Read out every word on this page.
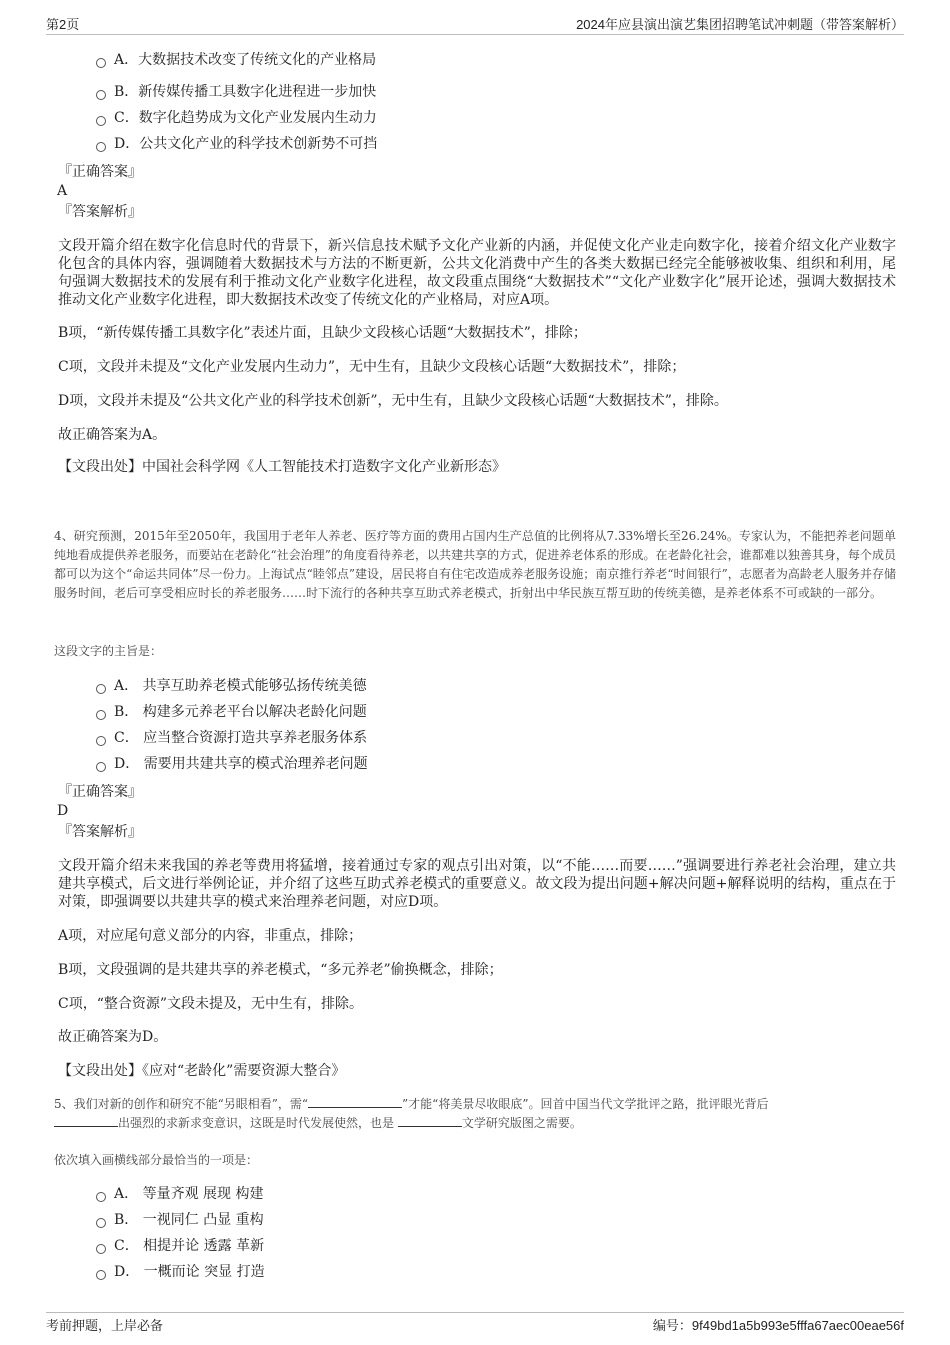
第2页	2024年应县演出演艺集团招聘笔试冲刺题（带答案解析）
A．大数据技术改变了传统文化的产业格局
B．新传媒传播工具数字化进程进一步加快
C．数字化趋势成为文化产业发展内生动力
D．公共文化产业的科学技术创新势不可挡
『正确答案』
A
『答案解析』

文段开篇介绍在数字化信息时代的背景下，新兴信息技术赋予文化产业新的内涵，并促使文化产业走向数字化，接着介绍文化产业数字化包含的具体内容，强调随着大数据技术与方法的不断更新，公共文化消费中产生的各类大数据已经完全能够被收集、组织和利用，尾句强调大数据技术的发展有利于推动文化产业数字化进程，故文段重点围绕“大数据技术”“文化产业数字化”展开论述，强调大数据技术推动文化产业数字化进程，即大数据技术改变了传统文化的产业格局，对应A项。

B项，“新传媒传播工具数字化”表述片面，且缺少文段核心话题“大数据技术”，排除；
C项，文段并未提及“文化产业发展内生动力”，无中生有，且缺少文段核心话题“大数据技术”，排除；
D项，文段并未提及“公共文化产业的科学技术创新”，无中生有，且缺少文段核心话题“大数据技术”，排除。
故正确答案为A。
【文段出处】中国社会科学网《人工智能技术打造数字文化产业新形态》

4、研究预测，2015年至2050年，我国用于老年人养老、医疗等方面的费用占国内生产总值的比例将从7.33%增长至26.24%。专家认为，不能把养老问题单纯地看成提供养老服务，而要站在老龄化“社会治理”的角度看待养老，以共建共享的方式，促进养老体系的形成。在老龄化社会，谁都难以独善其身，每个成员都可以为这个“命运共同体”尽一份力。上海试点“睦邻点”建设，居民将自有住宅改造成养老服务设施；南京推行养老“时间银行”，志愿者为高龄老人服务并存储服务时间，老后可享受相应时长的养老服务……时下流行的各种共享互助式养老模式，折射出中华民族互帮互助的传统美德，是养老体系不可或缺的一部分。

这段文字的主旨是：
A． 共享互助养老模式能够弘扬传统美德
B． 构建多元养老平台以解决老龄化问题
C． 应当整合资源打造共享养老服务体系
D． 需要用共建共享的模式治理养老问题
『正确答案』
D
『答案解析』

文段开篇介绍未来我国的养老等费用将猛增，接着通过专家的观点引出对策，以“不能……而要……”强调要进行养老社会治理，建立共建共享模式，后文进行举例论证，并介绍了这些互助式养老模式的重要意义。故文段为提出问题+解决问题+解释说明的结构，重点在于对策，即强调要以共建共享的模式来治理养老问题，对应D项。

A项，对应尾句意义部分的内容，非重点，排除；
B项，文段强调的是共建共享的养老模式，“多元养老”偷换概念，排除；
C项，“整合资源”文段未提及，无中生有，排除。
故正确答案为D。
【文段出处】《应对“老龄化”需要资源大整合》

5、我们对新的创作和研究不能“另眼相看”，需“	”才能“将美景尽收眼底”。回首中国当代文学批评之路，批评眼光背后
出强烈的求新求变意识，这既是时代发展使然，也是	文学研究版图之需要。

依次填入画横线部分最恰当的一项是：
A． 等量齐观 展现 构建
B． 一视同仁 凸显 重构
C． 相提并论 透露 革新
D． 一概而论 突显 打造
考前押题，上岸必备	编号：9f49bd1a5b993e5fffa67aec00eae56f
